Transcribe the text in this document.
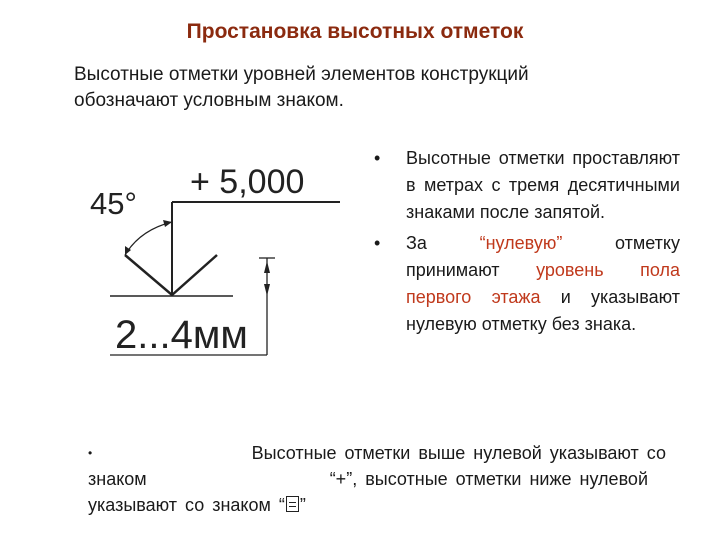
Простановка высотных отметок
Высотные отметки уровней элементов конструкций
обозначают условным знаком.
45°
+ 5,000
2...4мм
• Высотные отметки проставляют в метрах с тремя десятичными знаками после запятой.
• За “нулевую” отметку принимают уровень пола первого этажа и указывают нулевую отметку без знака.
•	Высотные отметки выше нулевой указывают со
знаком	“+”, высотные отметки ниже нулевой
указывают со знаком “ ”
